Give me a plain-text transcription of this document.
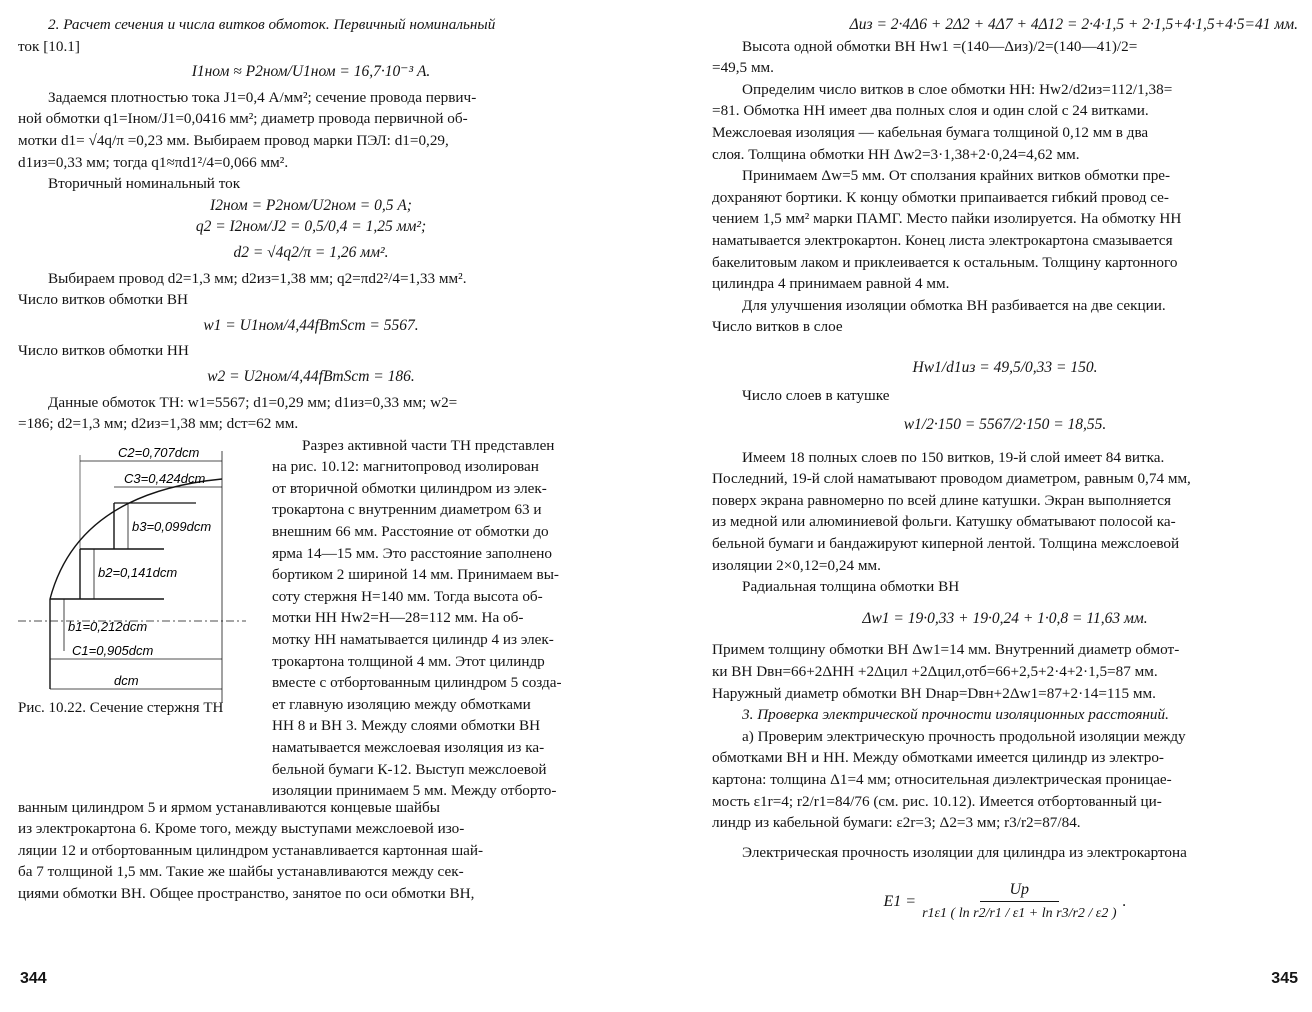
2. Расчет сечения и числа витков обмоток. Первичный номинальный

ток [10.1]

I1ном ≈ P2ном/U1ном = 16,7·10⁻³ А.

Задаемся плотностью тока J1=0,4 А/мм²; сечение провода первич-

ной обмотки q1=Iном/J1=0,0416 мм²; диаметр провода первичной об-

мотки d1= √4q/π =0,23 мм. Выбираем провод марки ПЭЛ: d1=0,29,

d1из=0,33 мм; тогда q1≈πd1²/4=0,066 мм².

Вторичный номинальный ток

I2ном = P2ном/U2ном = 0,5 А;

q2 = I2ном/J2 = 0,5/0,4 = 1,25 мм²;

d2 = √4q2/π = 1,26 мм².

Выбираем провод d2=1,3 мм; d2из=1,38 мм; q2=πd2²/4=1,33 мм².

Число витков обмотки ВН

w1 = U1ном/4,44fBmSст = 5567.

Число витков обмотки НН

w2 = U2ном/4,44fBmSст = 186.

Данные обмоток ТН: w1=5567; d1=0,29 мм; d1из=0,33 мм; w2=

=186; d2=1,3 мм; d2из=1,38 мм; dст=62 мм.

C2=0,707dст
C3=0,424dст
b3=0,099dст
b2=0,141dст
b1=0,212dст
C1=0,905dст
dст

Рис. 10.22. Сечение стержня ТН

Разрез активной части ТН представлен

на рис. 10.12: магнитопровод изолирован

от вторичной обмотки цилиндром из элек-

трокартона с внутренним диаметром 63 и

внешним 66 мм. Расстояние от обмотки до

ярма 14—15 мм. Это расстояние заполнено

бортиком 2 шириной 14 мм. Принимаем вы-

соту стержня H=140 мм. Тогда высота об-

мотки НН Hw2=H—28=112 мм. На об-

мотку НН наматывается цилиндр 4 из элек-

трокартона толщиной 4 мм. Этот цилиндр

вместе с отбортованным цилиндром 5 созда-

ет главную изоляцию между обмотками

НН 8 и ВН 3. Между слоями обмотки ВН

наматывается межслоевая изоляция из ка-

бельной бумаги К-12. Выступ межслоевой

изоляции принимаем 5 мм. Между отборто-

ванным цилиндром 5 и ярмом устанавливаются концевые шайбы

из электрокартона 6. Кроме того, между выступами межслоевой изо-

ляции 12 и отбортованным цилиндром устанавливается картонная шай-

ба 7 толщиной 1,5 мм. Такие же шайбы устанавливаются между сек-

циями обмотки ВН. Общее пространство, занятое по оси обмотки ВН,

344

Δиз = 2·4Δ6 + 2Δ2 + 4Δ7 + 4Δ12 = 2·4·1,5 + 2·1,5+4·1,5+4·5=41 мм.

Высота одной обмотки ВН Hw1 =(140—Δиз)/2=(140—41)/2=

=49,5 мм.

Определим число витков в слое обмотки НН: Hw2/d2из=112/1,38=

=81. Обмотка НН имеет два полных слоя и один слой с 24 витками.

Межслоевая изоляция — кабельная бумага толщиной 0,12 мм в два

слоя. Толщина обмотки НН Δw2=3·1,38+2·0,24=4,62 мм.

Принимаем Δw=5 мм. От сползания крайних витков обмотки пре-

дохраняют бортики. К концу обмотки припаивается гибкий провод се-

чением 1,5 мм² марки ПАМГ. Место пайки изолируется. На обмотку НН

наматывается электрокартон. Конец листа электрокартона смазывается

бакелитовым лаком и приклеивается к остальным. Толщину картонного

цилиндра 4 принимаем равной 4 мм.

Для улучшения изоляции обмотка ВН разбивается на две секции.

Число витков в слое

Hw1/d1из = 49,5/0,33 = 150.

Число слоев в катушке

w1/2·150 = 5567/2·150 = 18,55.

Имеем 18 полных слоев по 150 витков, 19-й слой имеет 84 витка.

Последний, 19-й слой наматывают проводом диаметром, равным 0,74 мм,

поверх экрана равномерно по всей длине катушки. Экран выполняется

из медной или алюминиевой фольги. Катушку обматывают полосой ка-

бельной бумаги и бандажируют киперной лентой. Толщина межслоевой

изоляции 2×0,12=0,24 мм.

Радиальная толщина обмотки ВН

Δw1 = 19·0,33 + 19·0,24 + 1·0,8 = 11,63 мм.

Примем толщину обмотки ВН Δw1=14 мм. Внутренний диаметр обмот-

ки ВН Dвн=66+2ΔНН +2Δцил +2Δцил,отб=66+2,5+2·4+2·1,5=87 мм.

Наружный диаметр обмотки ВН Dнар=Dвн+2Δw1=87+2·14=115 мм.

3. Проверка электрической прочности изоляционных расстояний.

а) Проверим электрическую прочность продольной изоляции между

обмотками ВН и НН. Между обмотками имеется цилиндр из электро-

картона: толщина Δ1=4 мм; относительная диэлектрическая проницае-

мость ε1r=4; r2/r1=84/76 (см. рис. 10.12). Имеется отбортованный ци-

линдр из кабельной бумаги: ε2r=3; Δ2=3 мм; r3/r2=87/84.

Электрическая прочность изоляции для цилиндра из электрокартона

$E1 = \frac{Uр}{\text{r1ε1 ( ln r2/r1 / ε1 + ln r3/r2 / ε2 )}}$ .
345
